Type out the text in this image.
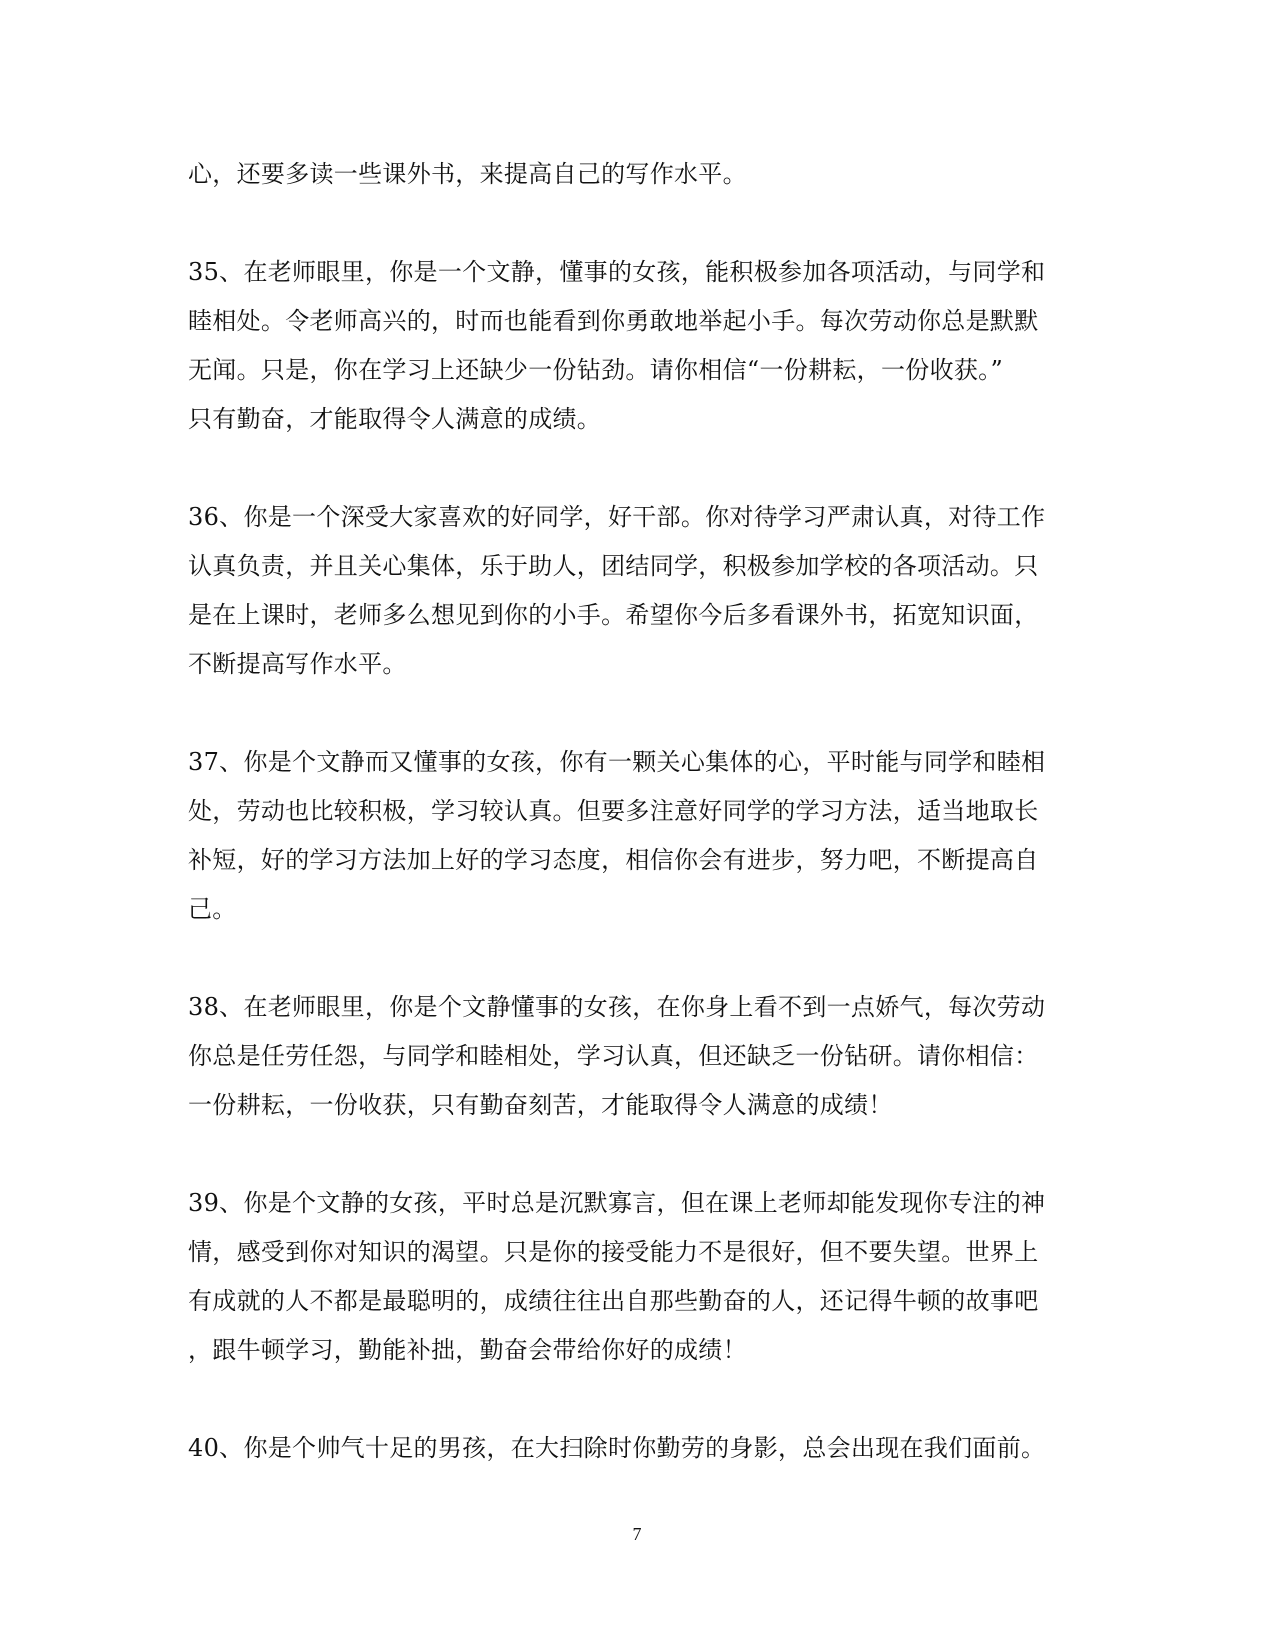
心，还要多读一些课外书，来提高自己的写作水平。

35、在老师眼里，你是一个文静，懂事的女孩，能积极参加各项活动，与同学和
睦相处。令老师高兴的，时而也能看到你勇敢地举起小手。每次劳动你总是默默
无闻。只是，你在学习上还缺少一份钻劲。请你相信“一份耕耘，一份收获。”
只有勤奋，才能取得令人满意的成绩。

36、你是一个深受大家喜欢的好同学，好干部。你对待学习严肃认真，对待工作
认真负责，并且关心集体，乐于助人，团结同学，积极参加学校的各项活动。只
是在上课时，老师多么想见到你的小手。希望你今后多看课外书，拓宽知识面，
不断提高写作水平。

37、你是个文静而又懂事的女孩，你有一颗关心集体的心，平时能与同学和睦相
处，劳动也比较积极，学习较认真。但要多注意好同学的学习方法，适当地取长
补短，好的学习方法加上好的学习态度，相信你会有进步，努力吧，不断提高自
己。

38、在老师眼里，你是个文静懂事的女孩，在你身上看不到一点娇气，每次劳动
你总是任劳任怨，与同学和睦相处，学习认真，但还缺乏一份钻研。请你相信：
一份耕耘，一份收获，只有勤奋刻苦，才能取得令人满意的成绩！

39、你是个文静的女孩，平时总是沉默寡言，但在课上老师却能发现你专注的神
情，感受到你对知识的渴望。只是你的接受能力不是很好，但不要失望。世界上
有成就的人不都是最聪明的，成绩往往出自那些勤奋的人，还记得牛顿的故事吧
，跟牛顿学习，勤能补拙，勤奋会带给你好的成绩！

40、你是个帅气十足的男孩，在大扫除时你勤劳的身影，总会出现在我们面前。

7
